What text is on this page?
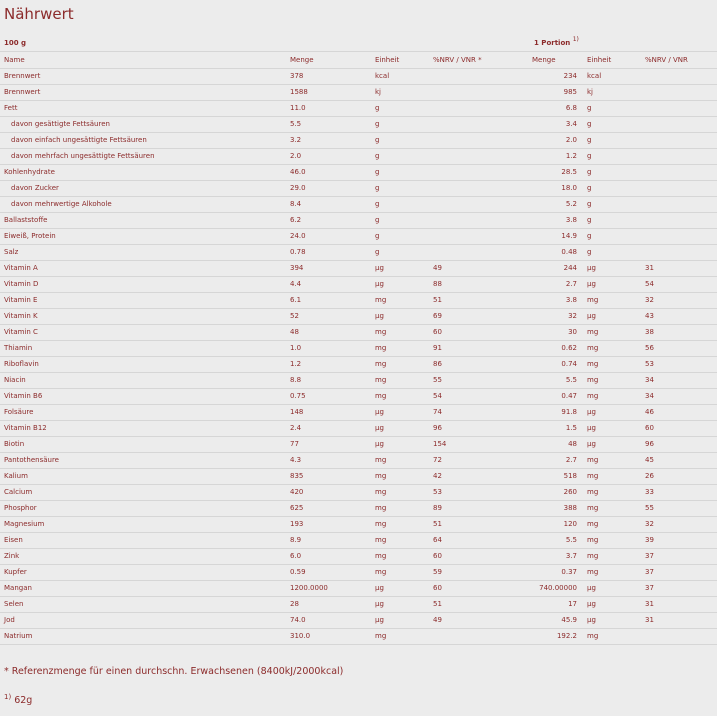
Nährwert
100 g	1 Portion $^{1)}$
Name	Menge	Einheit	%NRV / VNR *	Menge	Einheit	%NRV / VNR
Brennwert	378	kcal		234	kcal	
Brennwert	1588	kj		985	kj	
Fett	11.0	g		6.8	g	
davon gesättigte Fettsäuren	5.5	g		3.4	g	
davon einfach ungesättigte Fettsäuren	3.2	g		2.0	g	
davon mehrfach ungesättigte Fettsäuren	2.0	g		1.2	g	
Kohlenhydrate	46.0	g		28.5	g	
davon Zucker	29.0	g		18.0	g	
davon mehrwertige Alkohole	8.4	g		5.2	g	
Ballaststoffe	6.2	g		3.8	g	
Eiweiß, Protein	24.0	g		14.9	g	
Salz	0.78	g		0.48	g	
Vitamin A	394	µg	49	244	µg	31
Vitamin D	4.4	µg	88	2.7	µg	54
Vitamin E	6.1	mg	51	3.8	mg	32
Vitamin K	52	µg	69	32	µg	43
Vitamin C	48	mg	60	30	mg	38
Thiamin	1.0	mg	91	0.62	mg	56
Riboflavin	1.2	mg	86	0.74	mg	53
Niacin	8.8	mg	55	5.5	mg	34
Vitamin B6	0.75	mg	54	0.47	mg	34
Folsäure	148	µg	74	91.8	µg	46
Vitamin B12	2.4	µg	96	1.5	µg	60
Biotin	77	µg	154	48	µg	96
Pantothensäure	4.3	mg	72	2.7	mg	45
Kalium	835	mg	42	518	mg	26
Calcium	420	mg	53	260	mg	33
Phosphor	625	mg	89	388	mg	55
Magnesium	193	mg	51	120	mg	32
Eisen	8.9	mg	64	5.5	mg	39
Zink	6.0	mg	60	3.7	mg	37
Kupfer	0.59	mg	59	0.37	mg	37
Mangan	1200.0000	µg	60	740.00000	µg	37
Selen	28	µg	51	17	µg	31
Jod	74.0	µg	49	45.9	µg	31
Natrium	310.0	mg		192.2	mg	
* Referenzmenge für einen durchschn. Erwachsenen (8400kJ/2000kcal)
$^{1)}$ 62g
